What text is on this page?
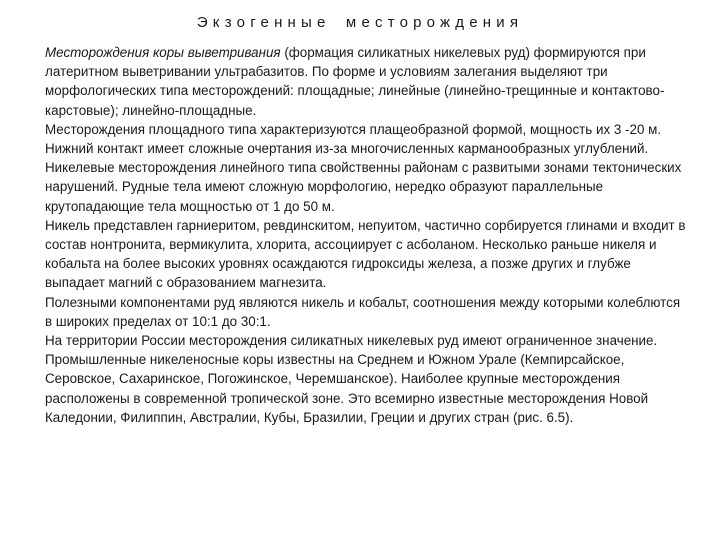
Экзогенные месторождения

Месторождения коры выветривания (формация силикатных никелевых руд) формируются при латеритном выветривании ультрабазитов. По форме и условиям залегания выделяют три морфологических типа месторождений: площадные; линейные (линейно-трещинные и контактово-карстовые); линейно-площадные.

Месторождения площадного типа характеризуются плащеобразной формой, мощность их 3 -20 м. Нижний контакт имеет сложные очертания из-за многочисленных карманообразных углублений.

Никелевые месторождения линейного типа свойственны районам с развитыми зонами тектонических нарушений. Рудные тела имеют сложную морфологию, нередко образуют параллельные крутопадающие тела мощностью от 1 до 50 м.

Никель представлен гарниеритом, ревдинскитом, непуитом, частично сорбируется глинами и входит в состав нонтронита, вермикулита, хлорита, ассоциирует с асболаном. Несколько раньше никеля и кобальта на более высоких уровнях осаждаются гидроксиды железа, а позже других и глубже выпадает магний с образованием магнезита.

Полезными компонентами руд являются никель и кобальт, соотношения между которыми колеблются в широких пределах от 10:1 до 30:1.

На территории России месторождения силикатных никелевых руд имеют ограниченное значение. Промышленные никеленосные коры известны на Среднем и Южном Урале (Кемпирсайское, Серовское, Сахаринское, Погожинское, Черемшанское). Наиболее крупные месторождения расположены в современной тропической зоне. Это всемирно известные месторождения Новой Каледонии, Филиппин, Австралии, Кубы, Бразилии, Греции и других стран (рис. 6.5).
